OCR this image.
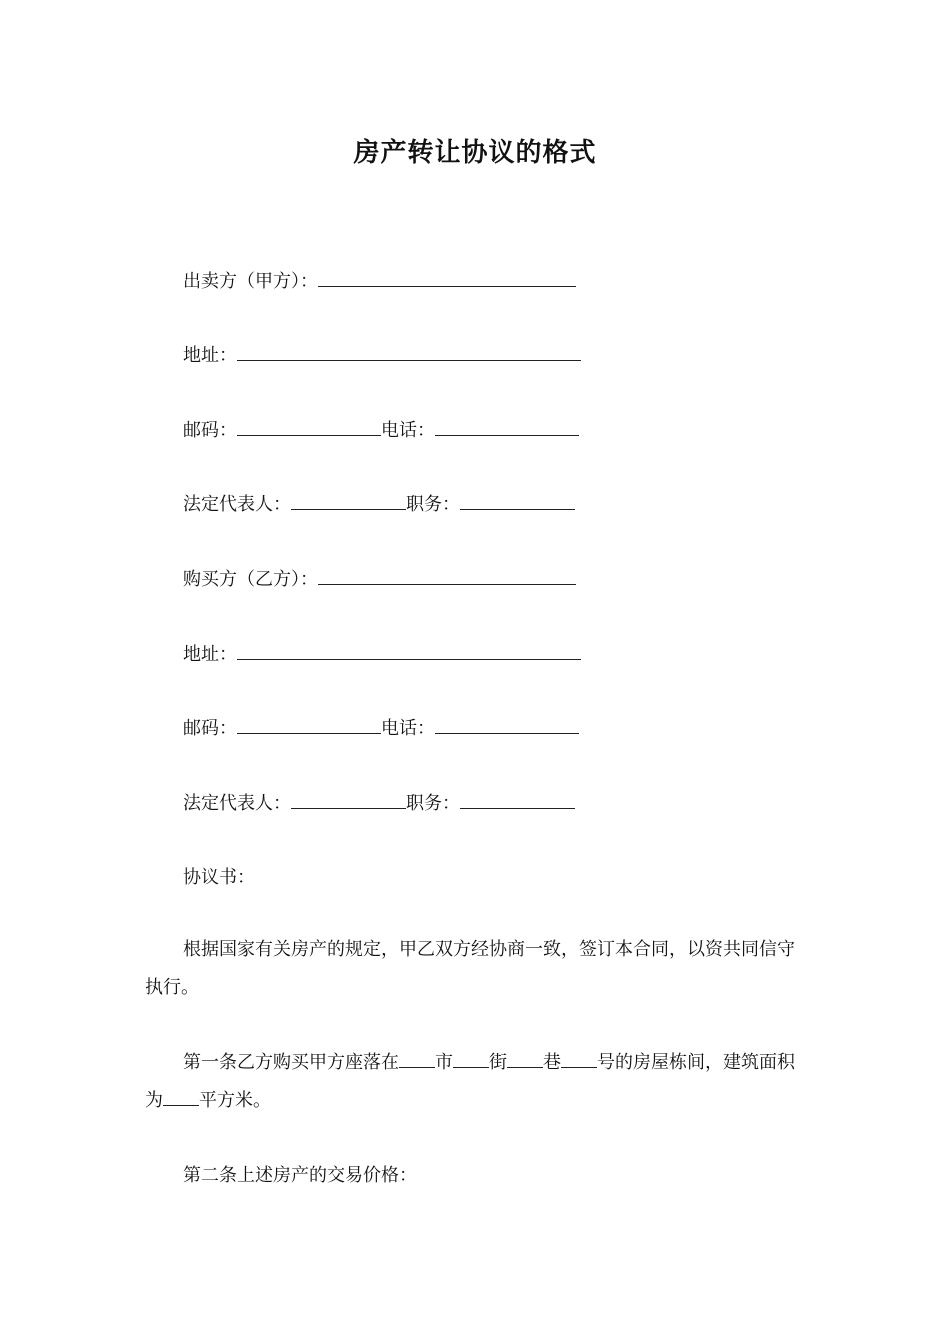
房产转让协议的格式
出卖方（甲方）：
地址：
邮码：	电话：
法定代表人：	职务：
购买方（乙方）：
地址：
邮码：	电话：
法定代表人：	职务：
协议书：
根据国家有关房产的规定，甲乙双方经协商一致，签订本合同，以资共同信守执行。
第一条乙方购买甲方座落在 市 街 巷 号的房屋栋间，建筑面积为 平方米。
第二条上述房产的交易价格：
